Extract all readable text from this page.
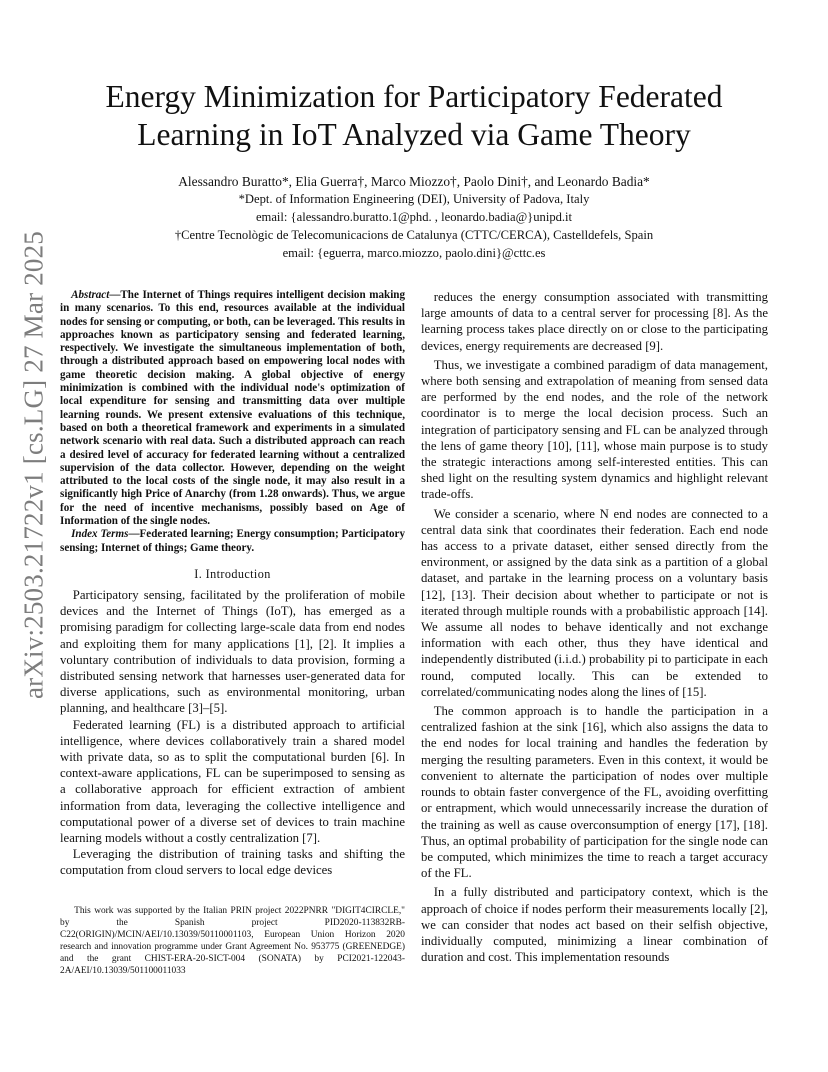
arXiv:2503.21722v1 [cs.LG] 27 Mar 2025
Energy Minimization for Participatory Federated Learning in IoT Analyzed via Game Theory
Alessandro Buratto*, Elia Guerra†, Marco Miozzo†, Paolo Dini†, and Leonardo Badia*
*Dept. of Information Engineering (DEI), University of Padova, Italy
email: {alessandro.buratto.1@phd. , leonardo.badia@}unipd.it
†Centre Tecnològic de Telecomunicacions de Catalunya (CTTC/CERCA), Castelldefels, Spain
email: {eguerra, marco.miozzo, paolo.dini}@cttc.es

Abstract—The Internet of Things requires intelligent decision making in many scenarios. To this end, resources available at the individual nodes for sensing or computing, or both, can be leveraged. This results in approaches known as participatory sensing and federated learning, respectively. We investigate the simultaneous implementation of both, through a distributed approach based on empowering local nodes with game theoretic decision making. A global objective of energy minimization is combined with the individual node's optimization of local expenditure for sensing and transmitting data over multiple learning rounds. We present extensive evaluations of this technique, based on both a theoretical framework and experiments in a simulated network scenario with real data. Such a distributed approach can reach a desired level of accuracy for federated learning without a centralized supervision of the data collector. However, depending on the weight attributed to the local costs of the single node, it may also result in a significantly high Price of Anarchy (from 1.28 onwards). Thus, we argue for the need of incentive mechanisms, possibly based on Age of Information of the single nodes.

Index Terms—Federated learning; Energy consumption; Participatory sensing; Internet of things; Game theory.

I. Introduction

Participatory sensing, facilitated by the proliferation of mobile devices and the Internet of Things (IoT), has emerged as a promising paradigm for collecting large-scale data from end nodes and exploiting them for many applications [1], [2]. It implies a voluntary contribution of individuals to data provision, forming a distributed sensing network that harnesses user-generated data for diverse applications, such as environmental monitoring, urban planning, and healthcare [3]–[5].

Federated learning (FL) is a distributed approach to artificial intelligence, where devices collaboratively train a shared model with private data, so as to split the computational burden [6]. In context-aware applications, FL can be superimposed to sensing as a collaborative approach for efficient extraction of ambient information from data, leveraging the collective intelligence and computational power of a diverse set of devices to train machine learning models without a costly centralization [7].

Leveraging the distribution of training tasks and shifting the computation from cloud servers to local edge devices

This work was supported by the Italian PRIN project 2022PNRR "DIGIT4CIRCLE," by the Spanish project PID2020-113832RB-C22(ORIGIN)/MCIN/AEI/10.13039/50110001103, European Union Horizon 2020 research and innovation programme under Grant Agreement No. 953775 (GREENEDGE) and the grant CHIST-ERA-20-SICT-004 (SONATA) by PCI2021-122043-2A/AEI/10.13039/501100011033

reduces the energy consumption associated with transmitting large amounts of data to a central server for processing [8]. As the learning process takes place directly on or close to the participating devices, energy requirements are decreased [9].

Thus, we investigate a combined paradigm of data management, where both sensing and extrapolation of meaning from sensed data are performed by the end nodes, and the role of the network coordinator is to merge the local decision process. Such an integration of participatory sensing and FL can be analyzed through the lens of game theory [10], [11], whose main purpose is to study the strategic interactions among self-interested entities. This can shed light on the resulting system dynamics and highlight relevant trade-offs.

We consider a scenario, where N end nodes are connected to a central data sink that coordinates their federation. Each end node has access to a private dataset, either sensed directly from the environment, or assigned by the data sink as a partition of a global dataset, and partake in the learning process on a voluntary basis [12], [13]. Their decision about whether to participate or not is iterated through multiple rounds with a probabilistic approach [14]. We assume all nodes to behave identically and not exchange information with each other, thus they have identical and independently distributed (i.i.d.) probability pi to participate in each round, computed locally. This can be extended to correlated/communicating nodes along the lines of [15].

The common approach is to handle the participation in a centralized fashion at the sink [16], which also assigns the data to the end nodes for local training and handles the federation by merging the resulting parameters. Even in this context, it would be convenient to alternate the participation of nodes over multiple rounds to obtain faster convergence of the FL, avoiding overfitting or entrapment, which would unnecessarily increase the duration of the training as well as cause overconsumption of energy [17], [18]. Thus, an optimal probability of participation for the single node can be computed, which minimizes the time to reach a target accuracy of the FL.

In a fully distributed and participatory context, which is the approach of choice if nodes perform their measurements locally [2], we can consider that nodes act based on their selfish objective, individually computed, minimizing a linear combination of duration and cost. This implementation resounds
